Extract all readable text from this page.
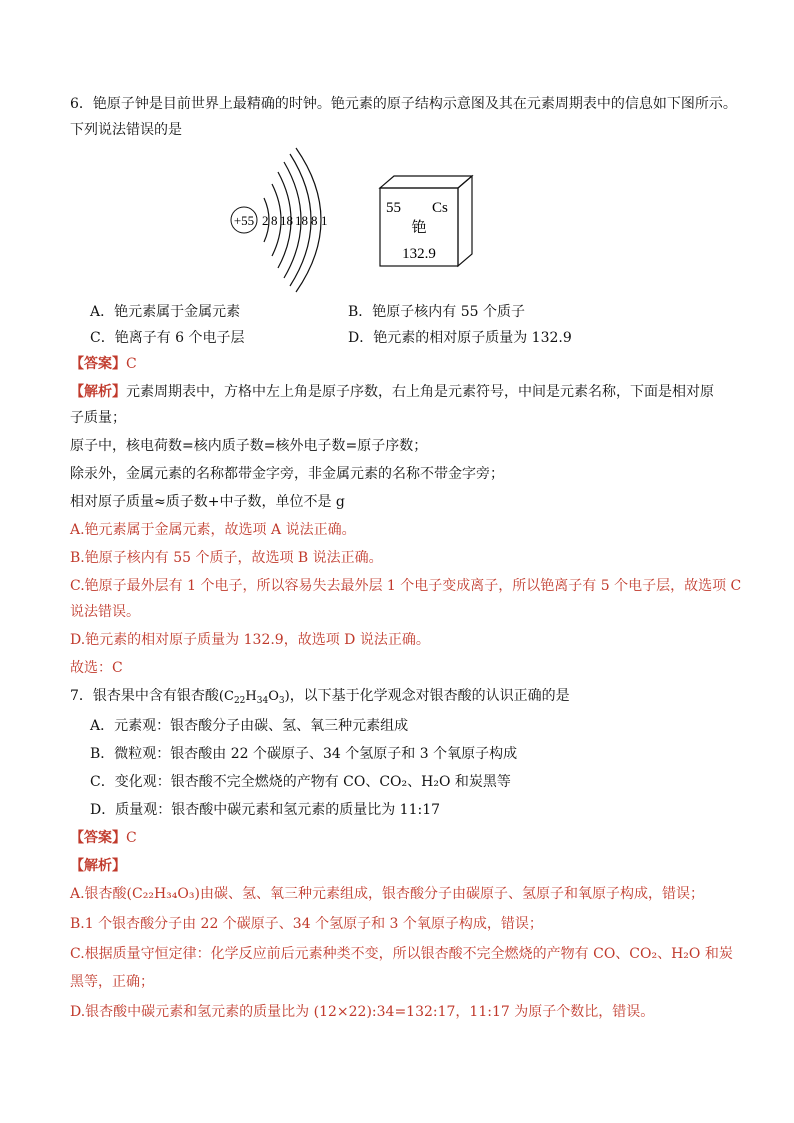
6．铯原子钟是目前世界上最精确的时钟。铯元素的原子结构示意图及其在元素周期表中的信息如下图所示。
下列说法错误的是
+55 2 8 18 18 8 1
55 Cs
铯
132.9
A．铯元素属于金属元素	B．铯原子核内有 55 个质子
C．铯离子有 6 个电子层	D．铯元素的相对原子质量为 132.9
【答案】C
【解析】元素周期表中，方格中左上角是原子序数，右上角是元素符号，中间是元素名称，下面是相对原
子质量；
原子中，核电荷数=核内质子数=核外电子数=原子序数；
除汞外，金属元素的名称都带金字旁，非金属元素的名称不带金字旁；
相对原子质量≈质子数+中子数，单位不是 g
A.铯元素属于金属元素，故选项 A 说法正确。
B.铯原子核内有 55 个质子，故选项 B 说法正确。
C.铯原子最外层有 1 个电子，所以容易失去最外层 1 个电子变成离子，所以铯离子有 5 个电子层，故选项 C
说法错误。
D.铯元素的相对原子质量为 132.9，故选项 D 说法正确。
故选：C
7．银杏果中含有银杏酸$(C_{22}H_{34}O_3)$，以下基于化学观念对银杏酸的认识正确的是
A．元素观：银杏酸分子由碳、氢、氧三种元素组成
B．微粒观：银杏酸由 22 个碳原子、34 个氢原子和 3 个氧原子构成
C．变化观：银杏酸不完全燃烧的产物有 CO、CO₂、H₂O 和炭黑等
D．质量观：银杏酸中碳元素和氢元素的质量比为 11:17
【答案】C
【解析】
A.银杏酸(C₂₂H₃₄O₃)由碳、氢、氧三种元素组成，银杏酸分子由碳原子、氢原子和氧原子构成，错误；
B.1 个银杏酸分子由 22 个碳原子、34 个氢原子和 3 个氧原子构成，错误；
C.根据质量守恒定律：化学反应前后元素种类不变，所以银杏酸不完全燃烧的产物有 CO、CO₂、H₂O 和炭
黑等，正确；
D.银杏酸中碳元素和氢元素的质量比为 (12×22):34=132:17，11:17 为原子个数比，错误。
